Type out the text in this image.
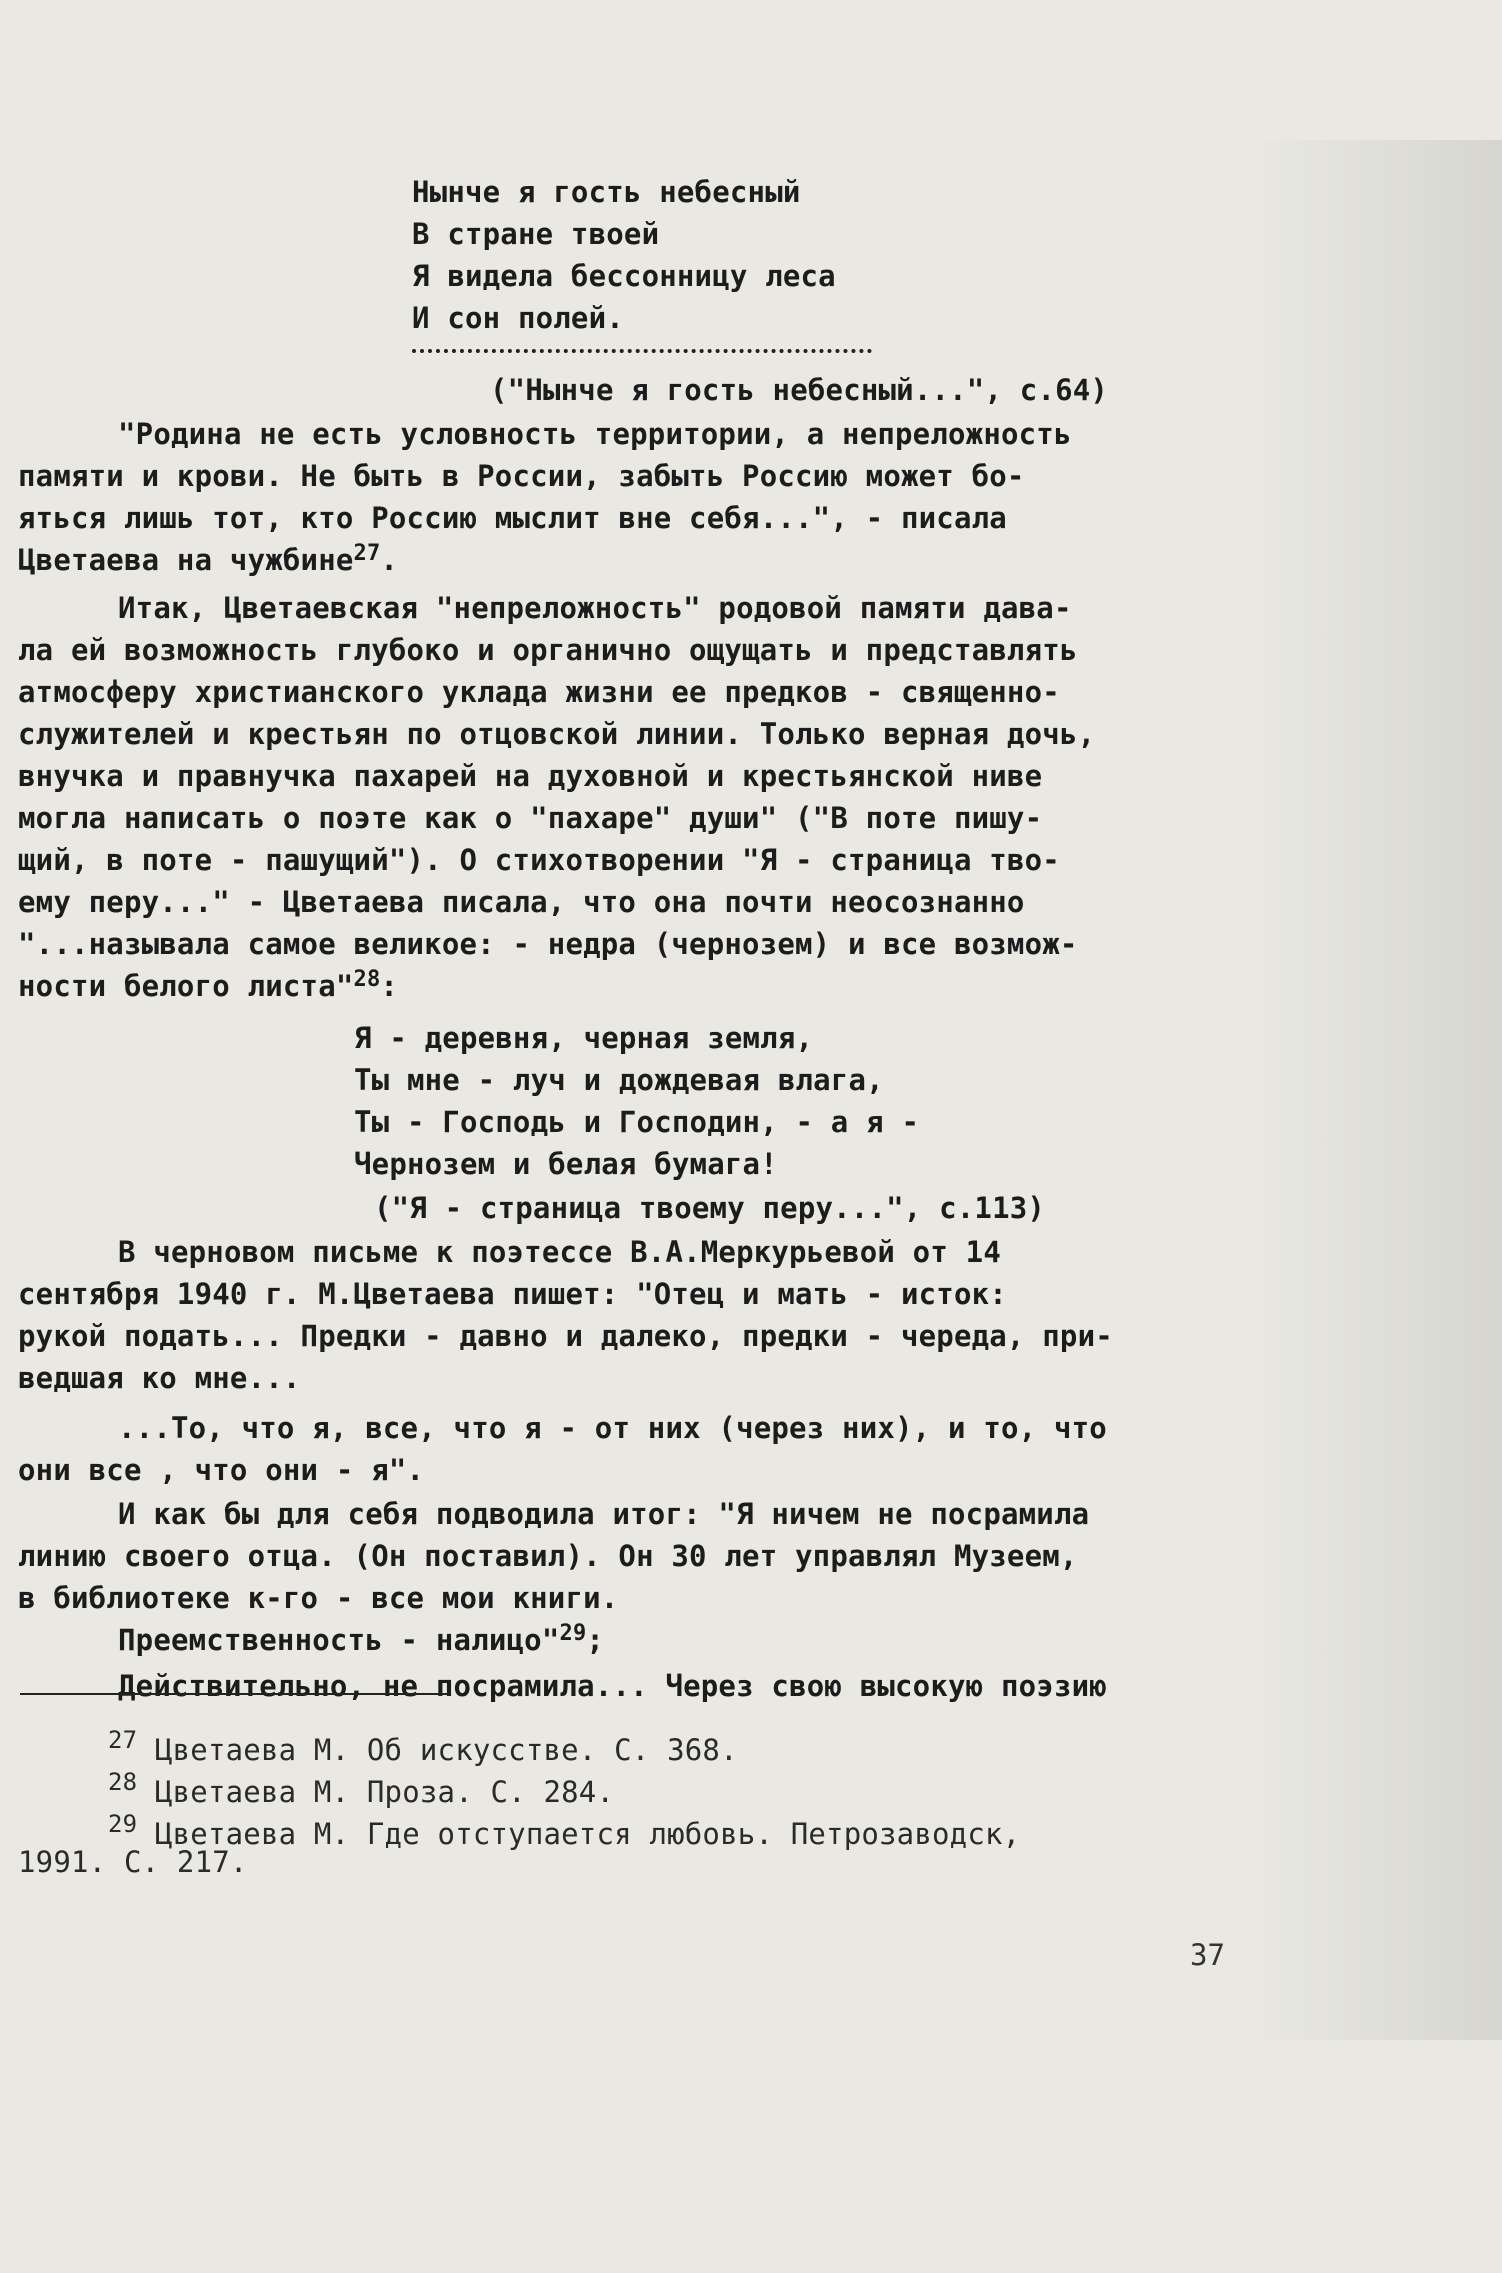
Нынче я гость небесный
В стране твоей
Я видела бессонницу леса
И сон полей.
("Нынче я гость небесный...", с.64)
"Родина не есть условность территории, а непреложность
памяти и крови. Не быть в России, забыть Россию может бо-
яться лишь тот, кто Россию мыслит вне себя...", - писала
Цветаева на чужбине$^{27}$.
Итак, Цветаевская "непреложность" родовой памяти дава-
ла ей возможность глубоко и органично ощущать и представлять
атмосферу христианского уклада жизни ее предков - священно-
служителей и крестьян по отцовской линии. Только верная дочь,
внучка и правнучка пахарей на духовной и крестьянской ниве
могла написать о поэте как о "пахаре" души" ("В поте пишу-
щий, в поте - пашущий"). О стихотворении "Я - страница тво-
ему перу..." - Цветаева писала, что она почти неосознанно
"...называла самое великое: - недра (чернозем) и все возмож-
ности белого листа"$^{28}$:
Я - деревня, черная земля,
Ты мне - луч и дождевая влага,
Ты - Господь и Господин, - а я -
Чернозем и белая бумага!
("Я - страница твоему перу...", с.113)
В черновом письме к поэтессе В.А.Меркурьевой от 14
сентября 1940 г. М.Цветаева пишет: "Отец и мать - исток:
рукой подать... Предки - давно и далеко, предки - череда, при-
ведшая ко мне...
...То, что я, все, что я - от них (через них), и то, что
они все , что они - я".
И как бы для себя подводила итог: "Я ничем не посрамила
линию своего отца. (Он поставил). Он 30 лет управлял Музеем,
в библиотеке к-го - все мои книги.
Преемственность - налицо"$^{29}$;
Действительно, не посрамила... Через свою высокую поэзию
$^{27}$ Цветаева М. Об искусстве. С. 368.
$^{28}$ Цветаева М. Проза. С. 284.
$^{29}$ Цветаева М. Где отступается любовь. Петрозаводск,
1991. С. 217.
37
